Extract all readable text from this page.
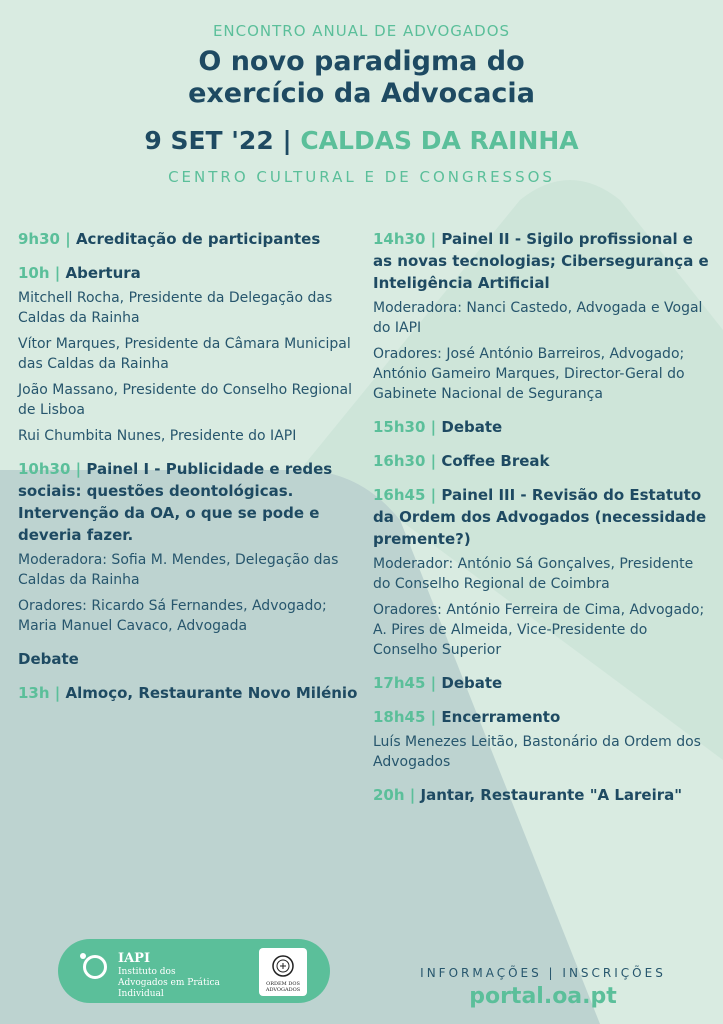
ENCONTRO ANUAL DE ADVOGADOS
O novo paradigma do
exercício da Advocacia
9 SET '22 | CALDAS DA RAINHA
CENTRO CULTURAL E DE CONGRESSOS
9h30 | Acreditação de participantes
10h | Abertura
Mitchell Rocha, Presidente da Delegação das Caldas da Rainha
Vítor Marques, Presidente da Câmara Municipal das Caldas da Rainha
João Massano, Presidente do Conselho Regional de Lisboa
Rui Chumbita Nunes, Presidente do IAPI
10h30 | Painel I - Publicidade e redes sociais: questões deontológicas. Intervenção da OA, o que se pode e deveria fazer.
Moderadora: Sofia M. Mendes, Delegação das Caldas da Rainha
Oradores: Ricardo Sá Fernandes, Advogado; Maria Manuel Cavaco, Advogada
Debate
13h | Almoço, Restaurante Novo Milénio
14h30 | Painel II - Sigilo profissional e as novas tecnologias; Cibersegurança e Inteligência Artificial
Moderadora: Nanci Castedo, Advogada e Vogal do IAPI
Oradores: José António Barreiros, Advogado; António Gameiro Marques, Director-Geral do Gabinete Nacional de Segurança
15h30 | Debate
16h30 | Coffee Break
16h45 | Painel III - Revisão do Estatuto da Ordem dos Advogados (necessidade premente?)
Moderador: António Sá Gonçalves, Presidente do Conselho Regional de Coimbra
Oradores: António Ferreira de Cima, Advogado; A. Pires de Almeida, Vice-Presidente do Conselho Superior
17h45 | Debate
18h45 | Encerramento
Luís Menezes Leitão, Bastonário da Ordem dos Advogados
20h | Jantar, Restaurante "A Lareira"
IAPI
Instituto dos Advogados em Prática Individual
ORDEM DOS ADVOGADOS
INFORMAÇÕES | INSCRIÇÕES
portal.oa.pt
